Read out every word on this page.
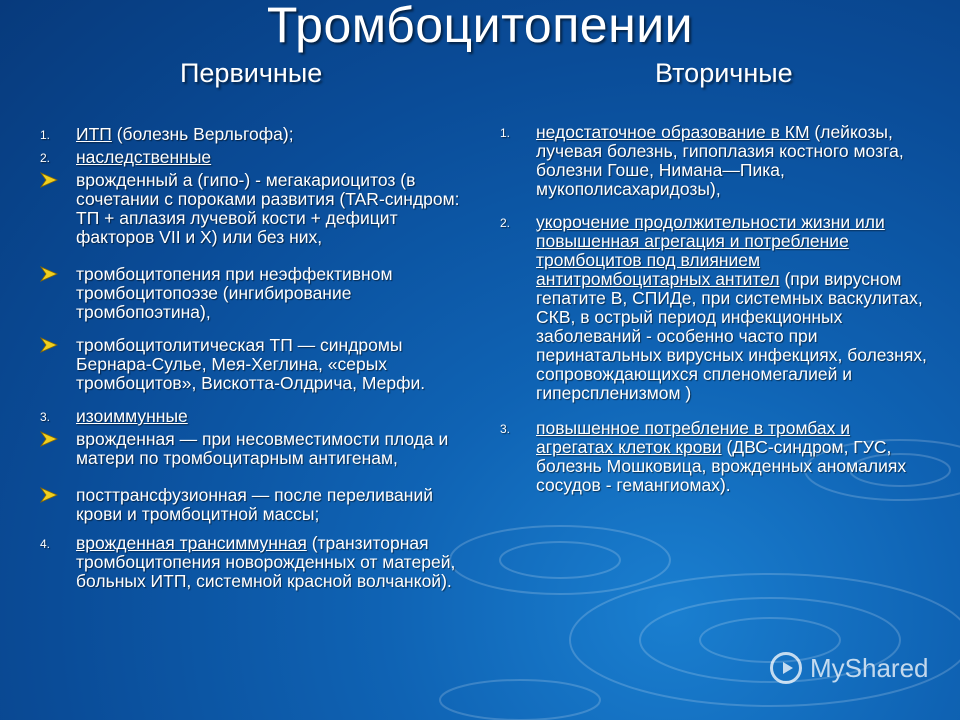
Тромбоцитопении
Первичные	Вторичные
1. ИТП (болезнь Верльгофа);
2. наследственные
врожденный а (гипо-) - мегакариоцитоз (в сочетании с пороками развития (TAR-синдром: ТП + аплазия лучевой кости + дефицит факторов VII и X) или без них,
тромбоцитопения при неэффективном тромбоцитопоэзе (ингибирование тромбопоэтина),
тромбоцитолитическая ТП — синдромы Бернара-Сулье, Мея-Хеглина, «серых тромбоцитов», Вискотта-Олдрича, Мерфи.
3. изоиммунные
врожденная — при несовместимости плода и матери по тромбоцитарным антигенам,
посттрансфузионная — после переливаний крови и тромбоцитной массы;
4. врожденная трансиммунная (транзиторная тромбоцитопения новорожденных от матерей, больных ИТП, системной красной волчанкой).
1. недостаточное образование в КМ (лейкозы, лучевая болезнь, гипоплазия костного мозга, болезни Гоше, Нимана—Пика, мукополисахаридозы),
2. укорочение продолжительности жизни или повышенная агрегация и потребление тромбоцитов под влиянием антитромбоцитарных антител (при вирусном гепатите В, СПИДе, при системных васкулитах, СКВ, в острый период инфекционных заболеваний - особенно часто при перинатальных вирусных инфекциях, болезнях, сопровождающихся спленомегалией и гиперспленизмом )
3. повышенное потребление в тромбах и агрегатах клеток крови (ДВС-синдром, ГУС, болезнь Мошковица, врожденных аномалиях сосудов - гемангиомах).
MyShared
